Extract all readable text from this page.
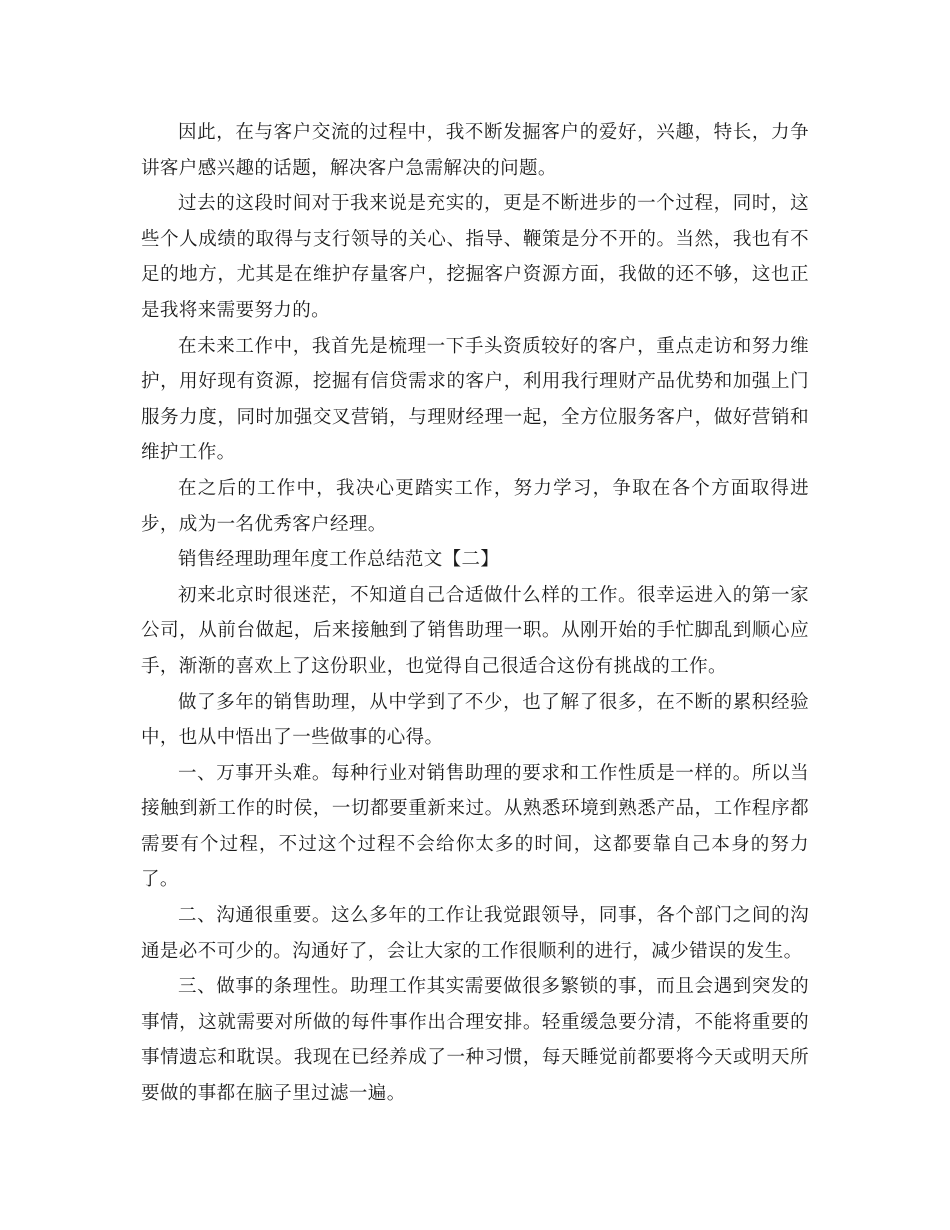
因此，在与客户交流的过程中，我不断发掘客户的爱好，兴趣，特长，力争讲客户感兴趣的话题，解决客户急需解决的问题。

过去的这段时间对于我来说是充实的，更是不断进步的一个过程，同时，这些个人成绩的取得与支行领导的关心、指导、鞭策是分不开的。当然，我也有不足的地方，尤其是在维护存量客户，挖掘客户资源方面，我做的还不够，这也正是我将来需要努力的。

在未来工作中，我首先是梳理一下手头资质较好的客户，重点走访和努力维护，用好现有资源，挖掘有信贷需求的客户，利用我行理财产品优势和加强上门服务力度，同时加强交叉营销，与理财经理一起，全方位服务客户，做好营销和维护工作。

在之后的工作中，我决心更踏实工作，努力学习，争取在各个方面取得进步，成为一名优秀客户经理。

销售经理助理年度工作总结范文【二】

初来北京时很迷茫，不知道自己合适做什么样的工作。很幸运进入的第一家公司，从前台做起，后来接触到了销售助理一职。从刚开始的手忙脚乱到顺心应手，渐渐的喜欢上了这份职业，也觉得自己很适合这份有挑战的工作。

做了多年的销售助理，从中学到了不少，也了解了很多，在不断的累积经验中，也从中悟出了一些做事的心得。

一、万事开头难。每种行业对销售助理的要求和工作性质是一样的。所以当接触到新工作的时侯，一切都要重新来过。从熟悉环境到熟悉产品，工作程序都需要有个过程，不过这个过程不会给你太多的时间，这都要靠自己本身的努力了。

二、沟通很重要。这么多年的工作让我觉跟领导，同事，各个部门之间的沟通是必不可少的。沟通好了，会让大家的工作很顺利的进行，减少错误的发生。

三、做事的条理性。助理工作其实需要做很多繁锁的事，而且会遇到突发的事情，这就需要对所做的每件事作出合理安排。轻重缓急要分清，不能将重要的事情遗忘和耽误。我现在已经养成了一种习惯，每天睡觉前都要将今天或明天所要做的事都在脑子里过滤一遍。
